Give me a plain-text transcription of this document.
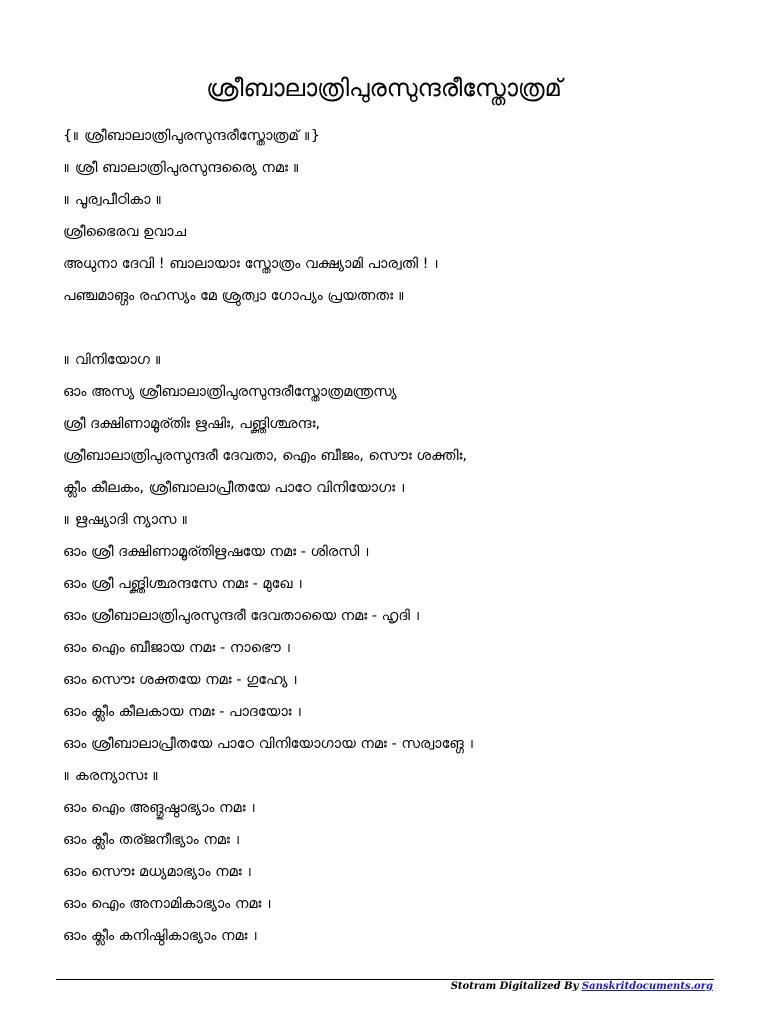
ശ്രീബാലാത്രിപുരസുന്ദരീസ്തോത്രമ്
{॥ ശ്രീബാലാത്രിപുരസുന്ദരീസ്തോത്രമ് ॥}
॥ ശ്രീ ബാലാത്രിപുരസുന്ദര്യൈ നമഃ ॥
॥ പൂര്വപീഠികാ ॥
ശ്രീഭൈരവ ഉവാച
അധുനാ ദേവി ! ബാലായാഃ സ്തോത്രം വക്ഷ്യാമി പാര്വതി ! ।
പഞ്ചമാങ്ഗം രഹസ്യം മേ ശ്രുത്വാ ഗോപ്യം പ്രയത്നതഃ ॥
॥ വിനിയോഗ ॥
ഓം അസ്യ ശ്രീബാലാത്രിപുരസുന്ദരീസ്തോത്രമന്ത്രസ്യ
ശ്രീ ദക്ഷിണാമൂര്തിഃ ഋഷിഃ, പങ്ക്തിശ്ഛന്ദഃ,
ശ്രീബാലാത്രിപുരസുന്ദരീ ദേവതാ, ഐം ബീജം, സൌഃ ശക്തിഃ,
ക്ലീം കീലകം, ശ്രീബാലാപ്രീതയേ പാഠേ വിനിയോഗഃ ।
॥ ഋഷ്യാദി ന്യാസ ॥
ഓം ശ്രീ ദക്ഷിണാമൂര്തിഋഷയേ നമഃ - ശിരസി ।
ഓം ശ്രീ പങ്ക്തിശ്ഛന്ദസേ നമഃ - മുഖേ ।
ഓം ശ്രീബാലാത്രിപുരസുന്ദരീ ദേവതായൈ നമഃ - ഹൃദി ।
ഓം ഐം ബീജായ നമഃ - നാഭൌ ।
ഓം സൌഃ ശക്തയേ നമഃ - ഗുഹ്യേ ।
ഓം ക്ലീം കീലകായ നമഃ - പാദയോഃ ।
ഓം ശ്രീബാലാപ്രീതയേ പാഠേ വിനിയോഗായ നമഃ - സര്വാങ്ഗേ ।
॥ കരന്യാസഃ ॥
ഓം ഐം അങ്ഗുഷ്ഠാഭ്യാം നമഃ ।
ഓം ക്ലീം തര്ജനീഭ്യാം നമഃ ।
ഓം സൌഃ മധ്യമാഭ്യാം നമഃ ।
ഓം ഐം അനാമികാഭ്യാം നമഃ ।
ഓം ക്ലീം കനിഷ്ഠികാഭ്യാം നമഃ ।
Stotram Digitalized By Sanskritdocuments.org
